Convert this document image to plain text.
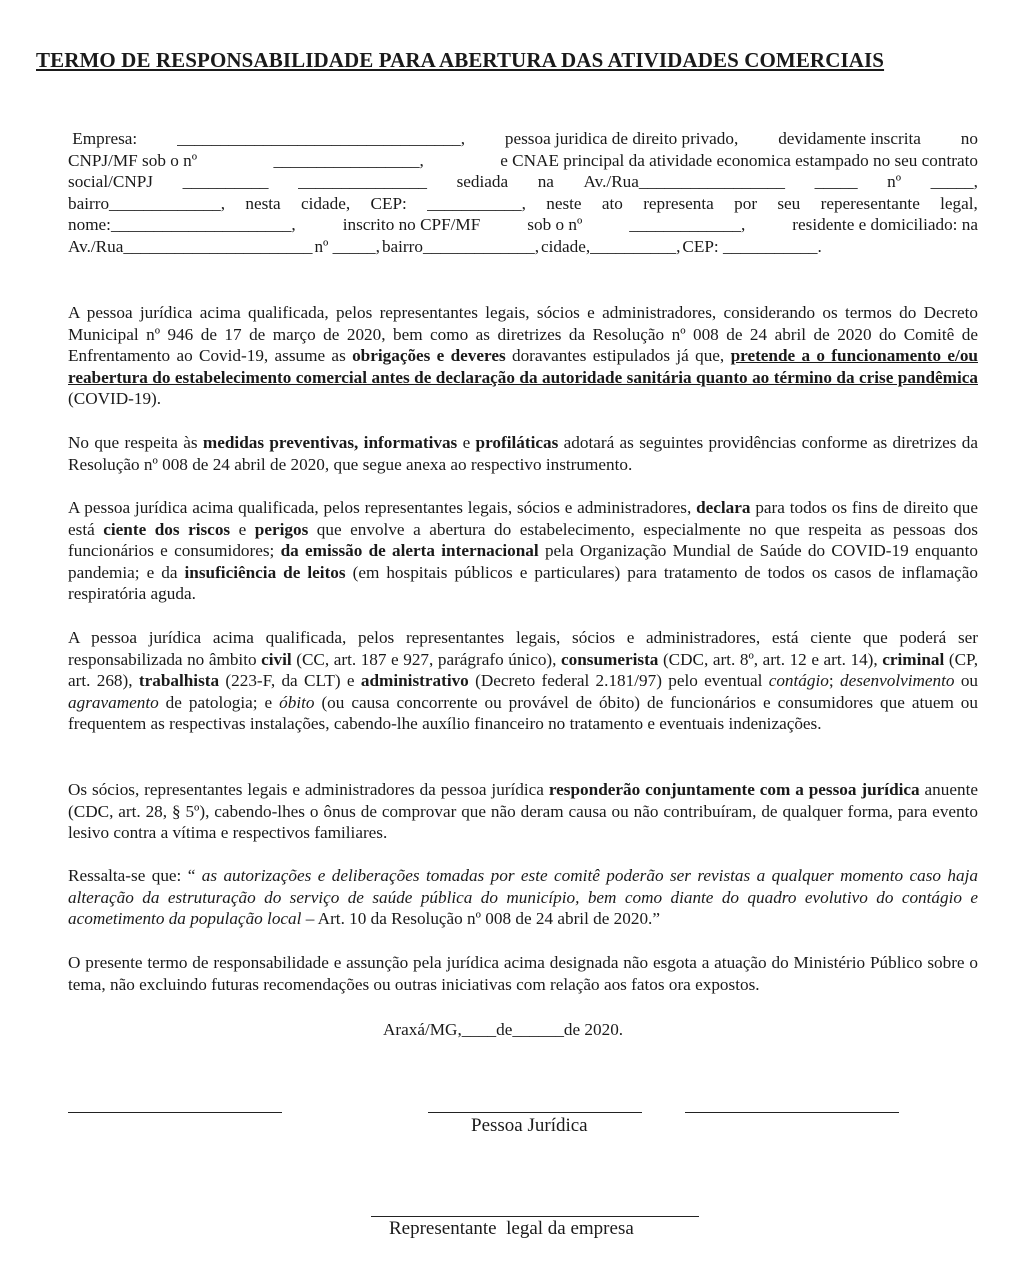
TERMO DE RESPONSABILIDADE PARA ABERTURA DAS ATIVIDADES COMERCIAIS
Empresa: _________________________________, pessoa juridica de direito privado, devidamente inscrita no
CNPJ/MF sob o nº	_________________,	e CNAE principal da atividade economica estampado no seu contrato
social/CNPJ __________ _______________ sediada na Av./Rua_________________ _____ nº _____,
bairro_____________, nesta cidade, CEP: ___________, neste ato representa por seu reperesentante legal,
nome:_____________________,	inscrito no CPF/MF	sob o nº	_____________,	residente e domiciliado: na
Av./Rua______________________ nº _____, bairro_____________, cidade,__________, CEP: ___________.

A pessoa jurídica acima qualificada, pelos representantes legais, sócios e administradores, considerando os termos do Decreto Municipal nº 946 de 17 de março de 2020, bem como as diretrizes da Resolução nº 008 de 24 abril de 2020 do Comitê de Enfrentamento ao Covid-19, assume as obrigações e deveres doravantes estipulados já que, pretende a o funcionamento e/ou reabertura do estabelecimento comercial antes de declaração da autoridade sanitária quanto ao término da crise pandêmica (COVID-19).

No que respeita às medidas preventivas, informativas e profiláticas adotará as seguintes providências conforme as diretrizes da Resolução nº 008 de 24 abril de 2020, que segue anexa ao respectivo instrumento.

A pessoa jurídica acima qualificada, pelos representantes legais, sócios e administradores, declara para todos os fins de direito que está ciente dos riscos e perigos que envolve a abertura do estabelecimento, especialmente no que respeita as pessoas dos funcionários e consumidores; da emissão de alerta internacional pela Organização Mundial de Saúde do COVID-19 enquanto pandemia; e da insuficiência de leitos (em hospitais públicos e particulares) para tratamento de todos os casos de inflamação respiratória aguda.

A pessoa jurídica acima qualificada, pelos representantes legais, sócios e administradores, está ciente que poderá ser responsabilizada no âmbito civil (CC, art. 187 e 927, parágrafo único), consumerista (CDC, art. 8º, art. 12 e art. 14), criminal (CP, art. 268), trabalhista (223-F, da CLT) e administrativo (Decreto federal 2.181/97) pelo eventual contágio; desenvolvimento ou agravamento de patologia; e óbito (ou causa concorrente ou provável de óbito) de funcionários e consumidores que atuem ou frequentem as respectivas instalações, cabendo-lhe auxílio financeiro no tratamento e eventuais indenizações.

Os sócios, representantes legais e administradores da pessoa jurídica responderão conjuntamente com a pessoa jurídica anuente (CDC, art. 28, § 5º), cabendo-lhes o ônus de comprovar que não deram causa ou não contribuíram, de qualquer forma, para evento lesivo contra a vítima e respectivos familiares.

Ressalta-se que: “ as autorizações e deliberações tomadas por este comitê poderão ser revistas a qualquer momento caso haja alteração da estruturação do serviço de saúde pública do município, bem como diante do quadro evolutivo do contágio e acometimento da população local – Art. 10 da Resolução nº 008 de 24 abril de 2020.”

O presente termo de responsabilidade e assunção pela jurídica acima designada não esgota a atuação do Ministério Público sobre o tema, não excluindo futuras recomendações ou outras iniciativas com relação aos fatos ora expostos.

Araxá/MG,____de______de 2020.
Pessoa Jurídica
Representante  legal da empresa
